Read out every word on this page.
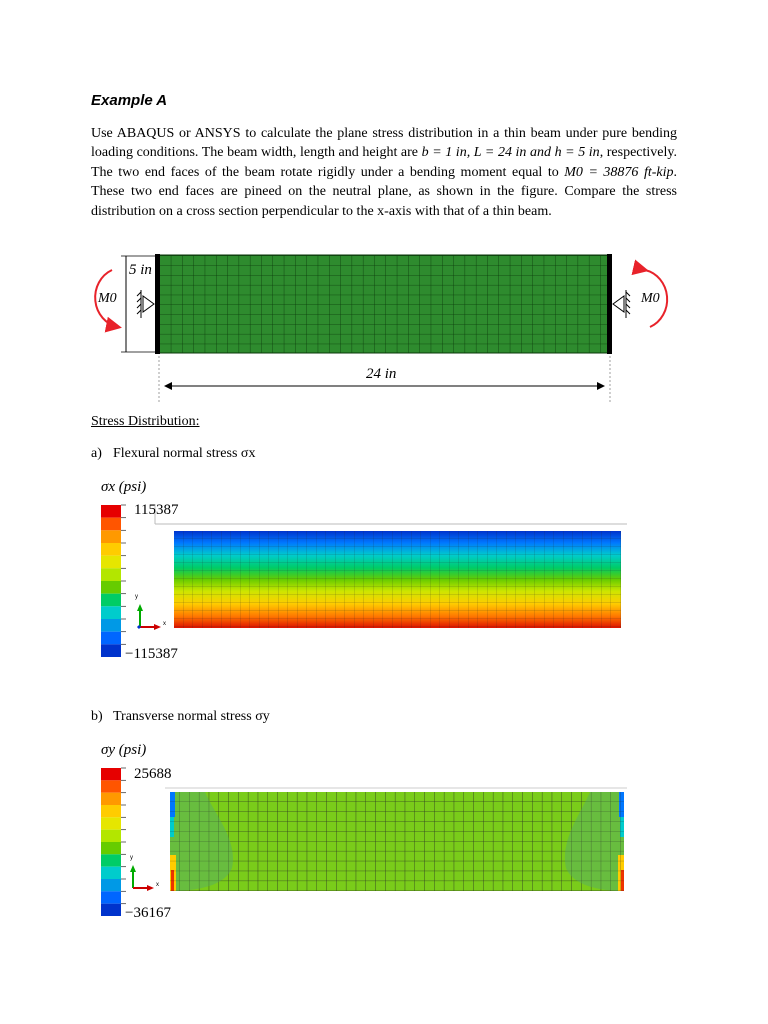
Example A
Use ABAQUS or ANSYS to calculate the plane stress distribution in a thin beam under pure bending loading conditions. The beam width, length and height are b = 1 in, L = 24 in and h = 5 in, respectively. The two end faces of the beam rotate rigidly under a bending moment equal to M0 = 38876 ft-kip. These two end faces are pineed on the neutral plane, as shown in the figure. Compare the stress distribution on a cross section perpendicular to the x-axis with that of a thin beam.
5 in
M0	M0
24 in
Stress Distribution:
a) Flexural normal stress σx
σx (psi)
115387
−115387
y
x
b) Transverse normal stress σy
σy (psi)
25688
−36167
y
x
